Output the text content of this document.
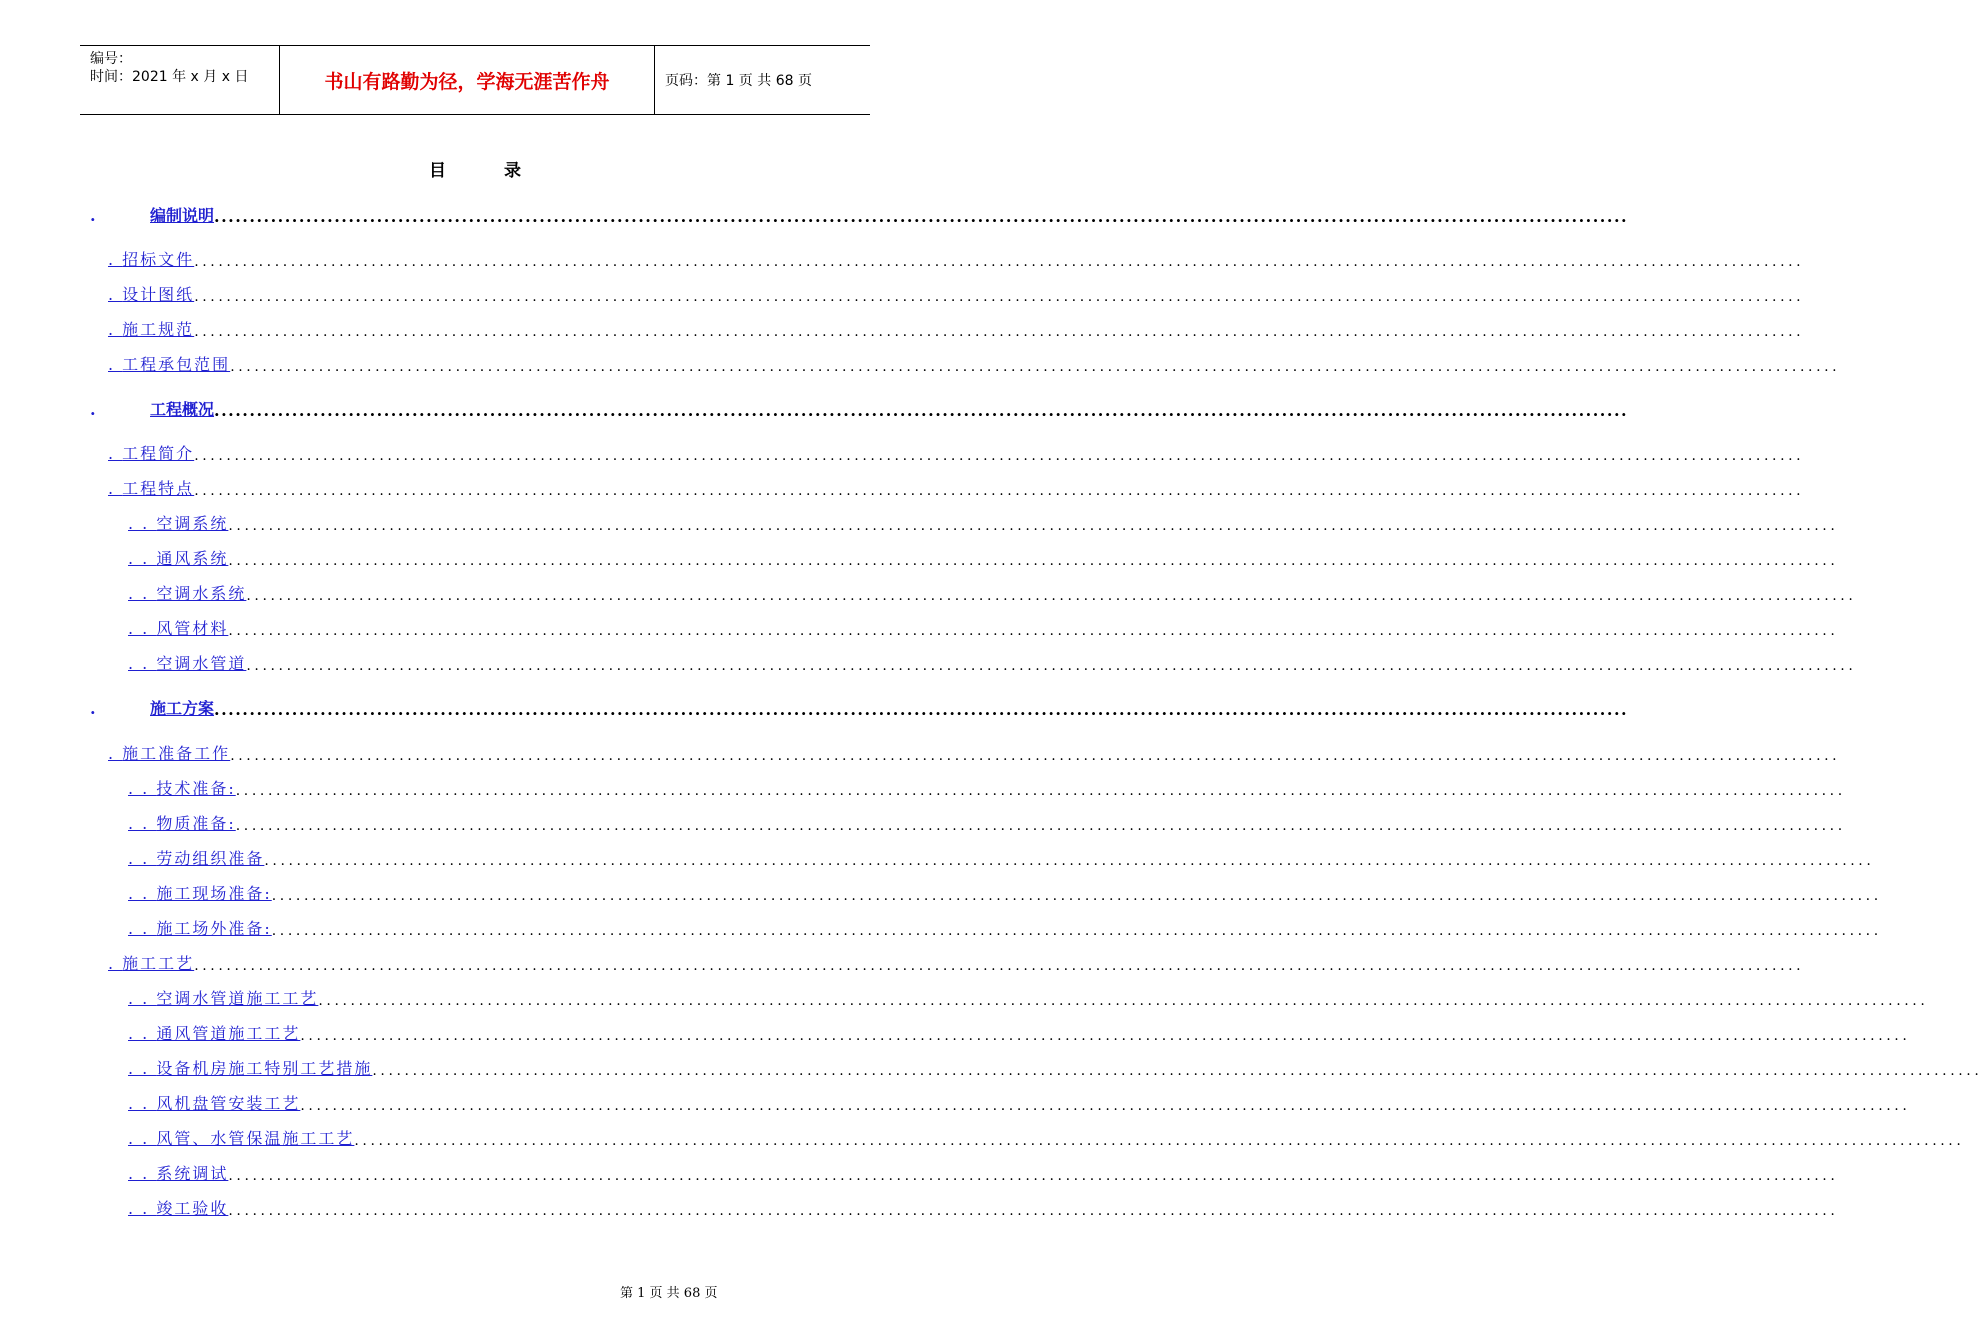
编号：
时间：2021 年 x 月 x 日	书山有路勤为径，学海无涯苦作舟	页码：第 1 页 共 68 页
目录
.	编制说明 ........................................................................................................................................................................................................
. 招标文件 ........................................................................................................................................................................................................
. 设计图纸 ........................................................................................................................................................................................................
. 施工规范 ........................................................................................................................................................................................................
. 工程承包范围 ........................................................................................................................................................................................................
.	工程概况 ........................................................................................................................................................................................................
. 工程简介 ........................................................................................................................................................................................................
. 工程特点 ........................................................................................................................................................................................................
. . 空调系统 ........................................................................................................................................................................................................
. . 通风系统 ........................................................................................................................................................................................................
. . 空调水系统 ........................................................................................................................................................................................................
. . 风管材料 ........................................................................................................................................................................................................
. . 空调水管道 ........................................................................................................................................................................................................
.	施工方案 ........................................................................................................................................................................................................
. 施工准备工作 ........................................................................................................................................................................................................
. . 技术准备: ........................................................................................................................................................................................................
. . 物质准备: ........................................................................................................................................................................................................
. . 劳动组织准备 ........................................................................................................................................................................................................
. . 施工现场准备: ........................................................................................................................................................................................................
. . 施工场外准备: ........................................................................................................................................................................................................
. 施工工艺 ........................................................................................................................................................................................................
. . 空调水管道施工工艺 ........................................................................................................................................................................................................
. . 通风管道施工工艺 ........................................................................................................................................................................................................
. . 设备机房施工特别工艺措施 ........................................................................................................................................................................................................
. . 风机盘管安装工艺 ........................................................................................................................................................................................................
. . 风管、水管保温施工工艺 ........................................................................................................................................................................................................
. . 系统调试 ........................................................................................................................................................................................................
. . 竣工验收 ........................................................................................................................................................................................................
第 1 页 共 68 页
